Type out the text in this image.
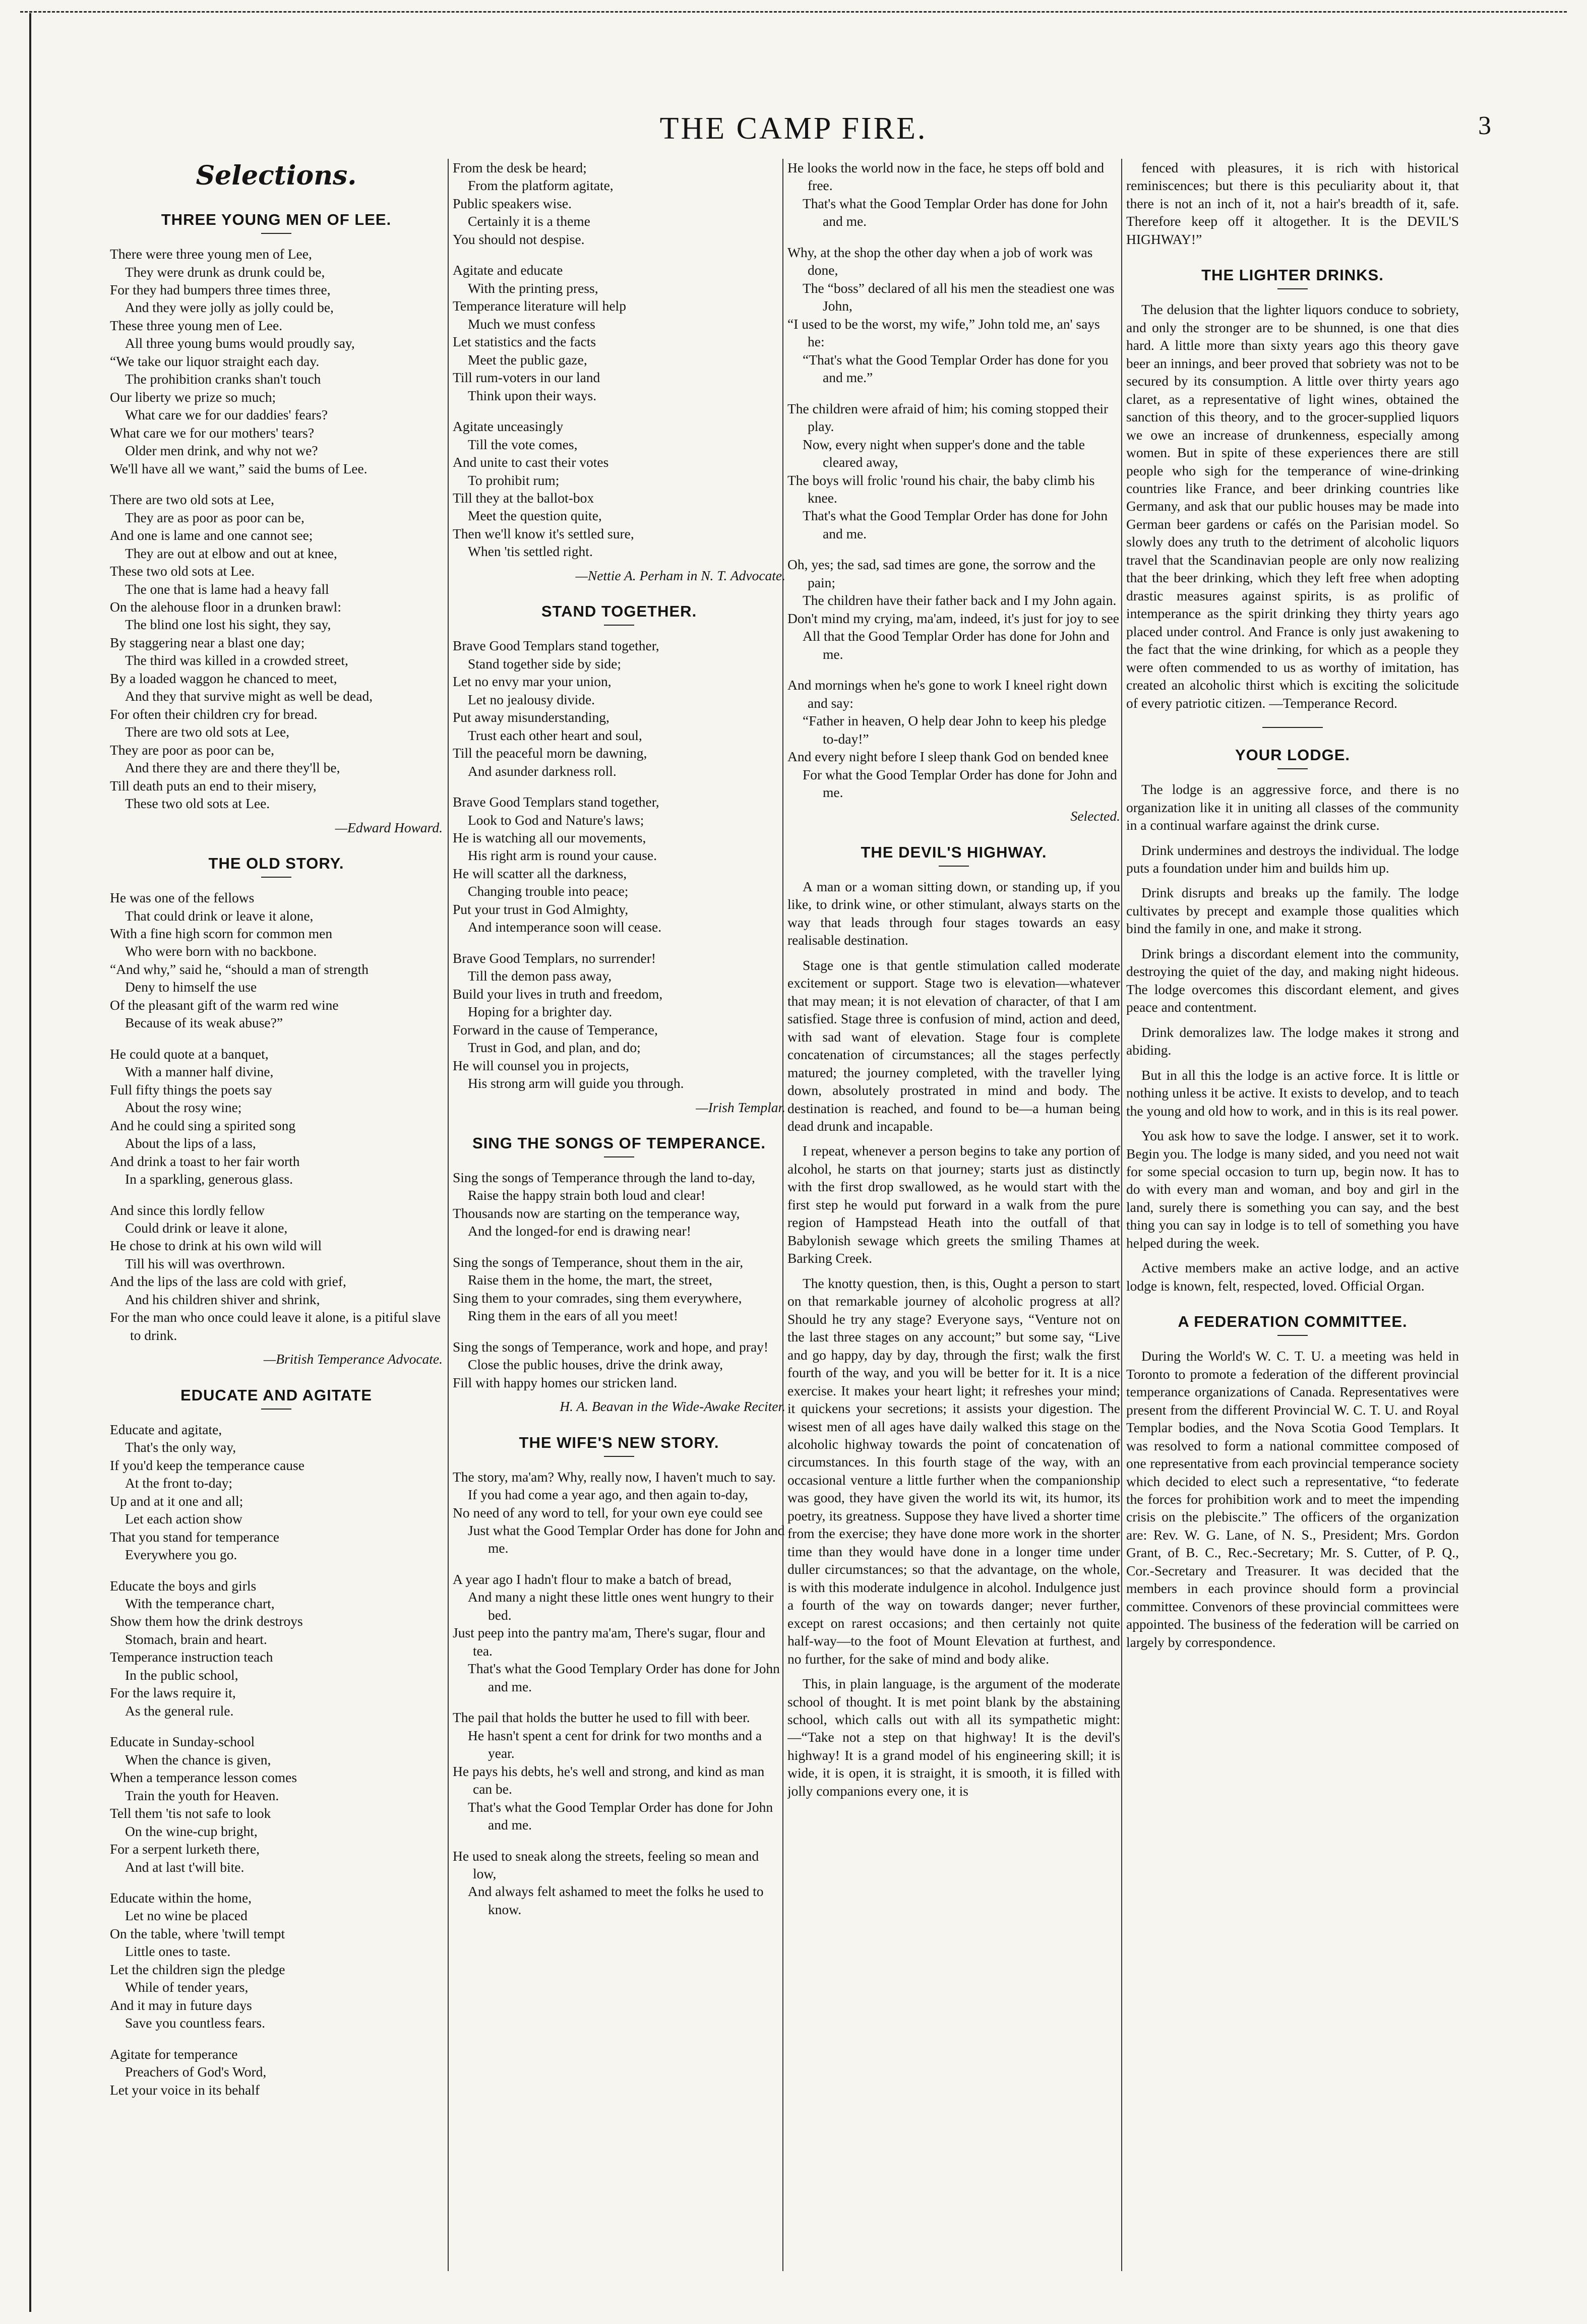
THE CAMP FIRE.	3
Selections.
THREE YOUNG MEN OF LEE.
There were three young men of Lee,
They were drunk as drunk could be,
For they had bumpers three times three,
And they were jolly as jolly could be,
These three young men of Lee.
All three young bums would proudly say,
“We take our liquor straight each day.
The prohibition cranks shan't touch
Our liberty we prize so much;
What care we for our daddies' fears?
What care we for our mothers' tears?
Older men drink, and why not we?
We'll have all we want,” said the bums of Lee.
There are two old sots at Lee,
They are as poor as poor can be,
And one is lame and one cannot see;
They are out at elbow and out at knee,
These two old sots at Lee.
The one that is lame had a heavy fall
On the alehouse floor in a drunken brawl:
The blind one lost his sight, they say,
By staggering near a blast one day;
The third was killed in a crowded street,
By a loaded waggon he chanced to meet,
And they that survive might as well be dead,
For often their children cry for bread.
There are two old sots at Lee,
They are poor as poor can be,
And there they are and there they'll be,
Till death puts an end to their misery,
These two old sots at Lee.
—Edward Howard.
THE OLD STORY.
He was one of the fellows
That could drink or leave it alone,
With a fine high scorn for common men
Who were born with no backbone.
“And why,” said he, “should a man of strength
Deny to himself the use
Of the pleasant gift of the warm red wine
Because of its weak abuse?”
He could quote at a banquet,
With a manner half divine,
Full fifty things the poets say
About the rosy wine;
And he could sing a spirited song
About the lips of a lass,
And drink a toast to her fair worth
In a sparkling, generous glass.
And since this lordly fellow
Could drink or leave it alone,
He chose to drink at his own wild will
Till his will was overthrown.
And the lips of the lass are cold with grief,
And his children shiver and shrink,
For the man who once could leave it alone, is a pitiful slave to drink.
—British Temperance Advocate.
EDUCATE AND AGITATE
Educate and agitate,
That's the only way,
If you'd keep the temperance cause
At the front to-day;
Up and at it one and all;
Let each action show
That you stand for temperance
Everywhere you go.
Educate the boys and girls
With the temperance chart,
Show them how the drink destroys
Stomach, brain and heart.
Temperance instruction teach
In the public school,
For the laws require it,
As the general rule.
Educate in Sunday-school
When the chance is given,
When a temperance lesson comes
Train the youth for Heaven.
Tell them 'tis not safe to look
On the wine-cup bright,
For a serpent lurketh there,
And at last t'will bite.
Educate within the home,
Let no wine be placed
On the table, where 'twill tempt
Little ones to taste.
Let the children sign the pledge
While of tender years,
And it may in future days
Save you countless fears.
Agitate for temperance
Preachers of God's Word,
Let your voice in its behalf
From the desk be heard;
From the platform agitate,
Public speakers wise.
Certainly it is a theme
You should not despise.
Agitate and educate
With the printing press,
Temperance literature will help
Much we must confess
Let statistics and the facts
Meet the public gaze,
Till rum-voters in our land
Think upon their ways.
Agitate unceasingly
Till the vote comes,
And unite to cast their votes
To prohibit rum;
Till they at the ballot-box
Meet the question quite,
Then we'll know it's settled sure,
When 'tis settled right.
—Nettie A. Perham in N. T. Advocate.
STAND TOGETHER.
Brave Good Templars stand together,
Stand together side by side;
Let no envy mar your union,
Let no jealousy divide.
Put away misunderstanding,
Trust each other heart and soul,
Till the peaceful morn be dawning,
And asunder darkness roll.
Brave Good Templars stand together,
Look to God and Nature's laws;
He is watching all our movements,
His right arm is round your cause.
He will scatter all the darkness,
Changing trouble into peace;
Put your trust in God Almighty,
And intemperance soon will cease.
Brave Good Templars, no surrender!
Till the demon pass away,
Build your lives in truth and freedom,
Hoping for a brighter day.
Forward in the cause of Temperance,
Trust in God, and plan, and do;
He will counsel you in projects,
His strong arm will guide you through.
—Irish Templar.
SING THE SONGS OF TEMPERANCE.
Sing the songs of Temperance through the land to-day,
Raise the happy strain both loud and clear!
Thousands now are starting on the temperance way,
And the longed-for end is drawing near!
Sing the songs of Temperance, shout them in the air,
Raise them in the home, the mart, the street,
Sing them to your comrades, sing them everywhere,
Ring them in the ears of all you meet!
Sing the songs of Temperance, work and hope, and pray!
Close the public houses, drive the drink away,
Fill with happy homes our stricken land.
H. A. Beavan in the Wide-Awake Reciter.
THE WIFE'S NEW STORY.
The story, ma'am? Why, really now, I haven't much to say.
If you had come a year ago, and then again to-day,
No need of any word to tell, for your own eye could see
Just what the Good Templar Order has done for John and me.
A year ago I hadn't flour to make a batch of bread,
And many a night these little ones went hungry to their bed.
Just peep into the pantry ma'am, There's sugar, flour and tea.
That's what the Good Templary Order has done for John and me.
The pail that holds the butter he used to fill with beer.
He hasn't spent a cent for drink for two months and a year.
He pays his debts, he's well and strong, and kind as man can be.
That's what the Good Templar Order has done for John and me.
He used to sneak along the streets, feeling so mean and low,
And always felt ashamed to meet the folks he used to know.
He looks the world now in the face, he steps off bold and free.
That's what the Good Templar Order has done for John and me.
Why, at the shop the other day when a job of work was done,
The “boss” declared of all his men the steadiest one was John,
“I used to be the worst, my wife,” John told me, an' says he:
“That's what the Good Templar Order has done for you and me.”
The children were afraid of him; his coming stopped their play.
Now, every night when supper's done and the table cleared away,
The boys will frolic 'round his chair, the baby climb his knee.
That's what the Good Templar Order has done for John and me.
Oh, yes; the sad, sad times are gone, the sorrow and the pain;
The children have their father back and I my John again.
Don't mind my crying, ma'am, indeed, it's just for joy to see
All that the Good Templar Order has done for John and me.
And mornings when he's gone to work I kneel right down and say:
“Father in heaven, O help dear John to keep his pledge to-day!”
And every night before I sleep thank God on bended knee
For what the Good Templar Order has done for John and me.
Selected.
THE DEVIL'S HIGHWAY.

A man or a woman sitting down, or standing up, if you like, to drink wine, or other stimulant, always starts on the way that leads through four stages towards an easy realisable destination.

Stage one is that gentle stimulation called moderate excitement or support. Stage two is elevation—whatever that may mean; it is not elevation of character, of that I am satisfied. Stage three is confusion of mind, action and deed, with sad want of elevation. Stage four is complete concatenation of circumstances; all the stages perfectly matured; the journey completed, with the traveller lying down, absolutely prostrated in mind and body. The destination is reached, and found to be—a human being dead drunk and incapable.

I repeat, whenever a person begins to take any portion of alcohol, he starts on that journey; starts just as distinctly with the first drop swallowed, as he would start with the first step he would put forward in a walk from the pure region of Hampstead Heath into the outfall of that Babylonish sewage which greets the smiling Thames at Barking Creek.

The knotty question, then, is this, Ought a person to start on that remarkable journey of alcoholic progress at all? Should he try any stage? Everyone says, “Venture not on the last three stages on any account;” but some say, “Live and go happy, day by day, through the first; walk the first fourth of the way, and you will be better for it. It is a nice exercise. It makes your heart light; it refreshes your mind; it quickens your secretions; it assists your digestion. The wisest men of all ages have daily walked this stage on the alcoholic highway towards the point of concatenation of circumstances. In this fourth stage of the way, with an occasional venture a little further when the companionship was good, they have given the world its wit, its humor, its poetry, its greatness. Suppose they have lived a shorter time from the exercise; they have done more work in the shorter time than they would have done in a longer time under duller circumstances; so that the advantage, on the whole, is with this moderate indulgence in alcohol. Indulgence just a fourth of the way on towards danger; never further, except on rarest occasions; and then certainly not quite half-way—to the foot of Mount Elevation at furthest, and no further, for the sake of mind and body alike.

This, in plain language, is the argument of the moderate school of thought. It is met point blank by the abstaining school, which calls out with all its sympathetic might:—“Take not a step on that highway! It is the devil's highway! It is a grand model of his engineering skill; it is wide, it is open, it is straight, it is smooth, it is filled with jolly companions every one, it is

fenced with pleasures, it is rich with historical reminiscences; but there is this peculiarity about it, that there is not an inch of it, not a hair's breadth of it, safe. Therefore keep off it altogether. It is the DEVIL'S HIGHWAY!”

THE LIGHTER DRINKS.

The delusion that the lighter liquors conduce to sobriety, and only the stronger are to be shunned, is one that dies hard. A little more than sixty years ago this theory gave beer an innings, and beer proved that sobriety was not to be secured by its consumption. A little over thirty years ago claret, as a representative of light wines, obtained the sanction of this theory, and to the grocer-supplied liquors we owe an increase of drunkenness, especially among women. But in spite of these experiences there are still people who sigh for the temperance of wine-drinking countries like France, and beer drinking countries like Germany, and ask that our public houses may be made into German beer gardens or cafés on the Parisian model. So slowly does any truth to the detriment of alcoholic liquors travel that the Scandinavian people are only now realizing that the beer drinking, which they left free when adopting drastic measures against spirits, is as prolific of intemperance as the spirit drinking they thirty years ago placed under control. And France is only just awakening to the fact that the wine drinking, for which as a people they were often commended to us as worthy of imitation, has created an alcoholic thirst which is exciting the solicitude of every patriotic citizen. —Temperance Record.

YOUR LODGE.

The lodge is an aggressive force, and there is no organization like it in uniting all classes of the community in a continual warfare against the drink curse.

Drink undermines and destroys the individual. The lodge puts a foundation under him and builds him up.

Drink disrupts and breaks up the family. The lodge cultivates by precept and example those qualities which bind the family in one, and make it strong.

Drink brings a discordant element into the community, destroying the quiet of the day, and making night hideous. The lodge overcomes this discordant element, and gives peace and contentment.

Drink demoralizes law. The lodge makes it strong and abiding.

But in all this the lodge is an active force. It is little or nothing unless it be active. It exists to develop, and to teach the young and old how to work, and in this is its real power.

You ask how to save the lodge. I answer, set it to work. Begin you. The lodge is many sided, and you need not wait for some special occasion to turn up, begin now. It has to do with every man and woman, and boy and girl in the land, surely there is something you can say, and the best thing you can say in lodge is to tell of something you have helped during the week.

Active members make an active lodge, and an active lodge is known, felt, respected, loved. Official Organ.

A FEDERATION COMMITTEE.

During the World's W. C. T. U. a meeting was held in Toronto to promote a federation of the different provincial temperance organizations of Canada. Representatives were present from the different Provincial W. C. T. U. and Royal Templar bodies, and the Nova Scotia Good Templars. It was resolved to form a national committee composed of one representative from each provincial temperance society which decided to elect such a representative, “to federate the forces for prohibition work and to meet the impending crisis on the plebiscite.” The officers of the organization are: Rev. W. G. Lane, of N. S., President; Mrs. Gordon Grant, of B. C., Rec.-Secretary; Mr. S. Cutter, of P. Q., Cor.-Secretary and Treasurer. It was decided that the members in each province should form a provincial committee. Convenors of these provincial committees were appointed. The business of the federation will be carried on largely by correspondence.
